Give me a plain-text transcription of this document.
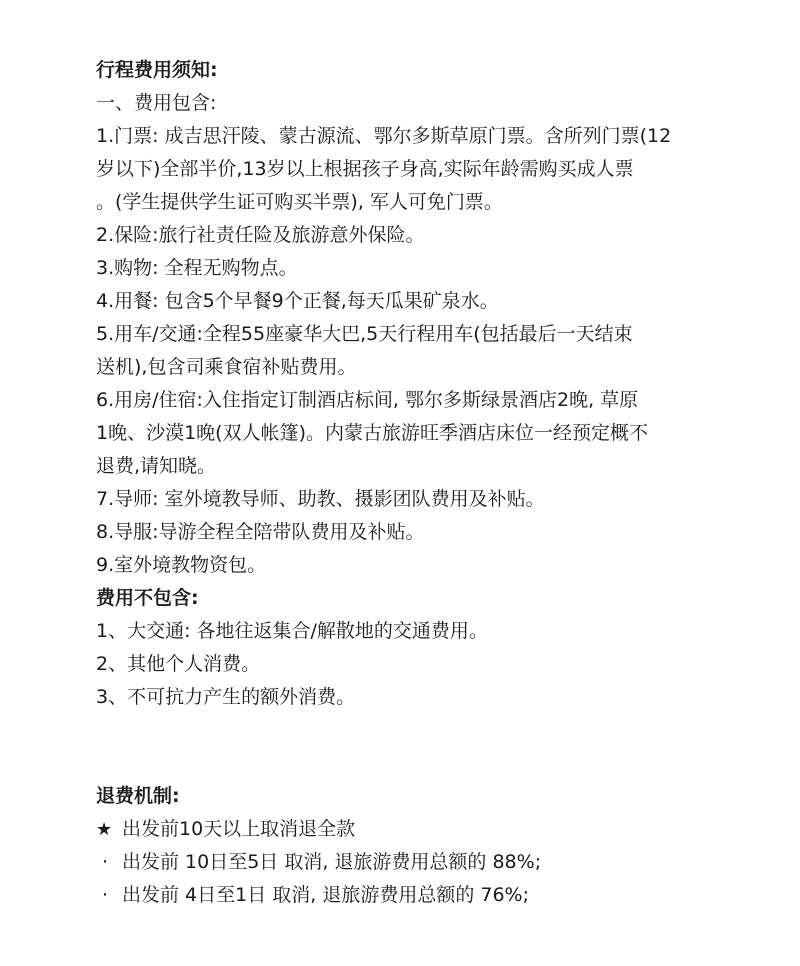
行程费用须知:
一、费用包含:
1.门票: 成吉思汗陵、蒙古源流、鄂尔多斯草原门票。含所列门票(12
岁以下)全部半价,13岁以上根据孩子身高,实际年龄需购买成人票
。(学生提供学生证可购买半票), 军人可免门票。
2.保险:旅行社责任险及旅游意外保险。
3.购物: 全程无购物点。
4.用餐: 包含5个早餐9个正餐,每天瓜果矿泉水。
5.用车/交通:全程55座豪华大巴,5天行程用车(包括最后一天结束
送机),包含司乘食宿补贴费用。
6.用房/住宿:入住指定订制酒店标间, 鄂尔多斯绿景酒店2晚, 草原
1晚、沙漠1晚(双人帐篷)。内蒙古旅游旺季酒店床位一经预定概不
退费,请知晓。
7.导师: 室外境教导师、助教、摄影团队费用及补贴。
8.导服:导游全程全陪带队费用及补贴。
9.室外境教物资包。
费用不包含:
1、大交通: 各地往返集合/解散地的交通费用。
2、其他个人消费。
3、不可抗力产生的额外消费。
退费机制:
★ 出发前10天以上取消退全款
· 出发前 10日至5日 取消, 退旅游费用总额的 88%;
· 出发前 4日至1日 取消, 退旅游费用总额的 76%;
